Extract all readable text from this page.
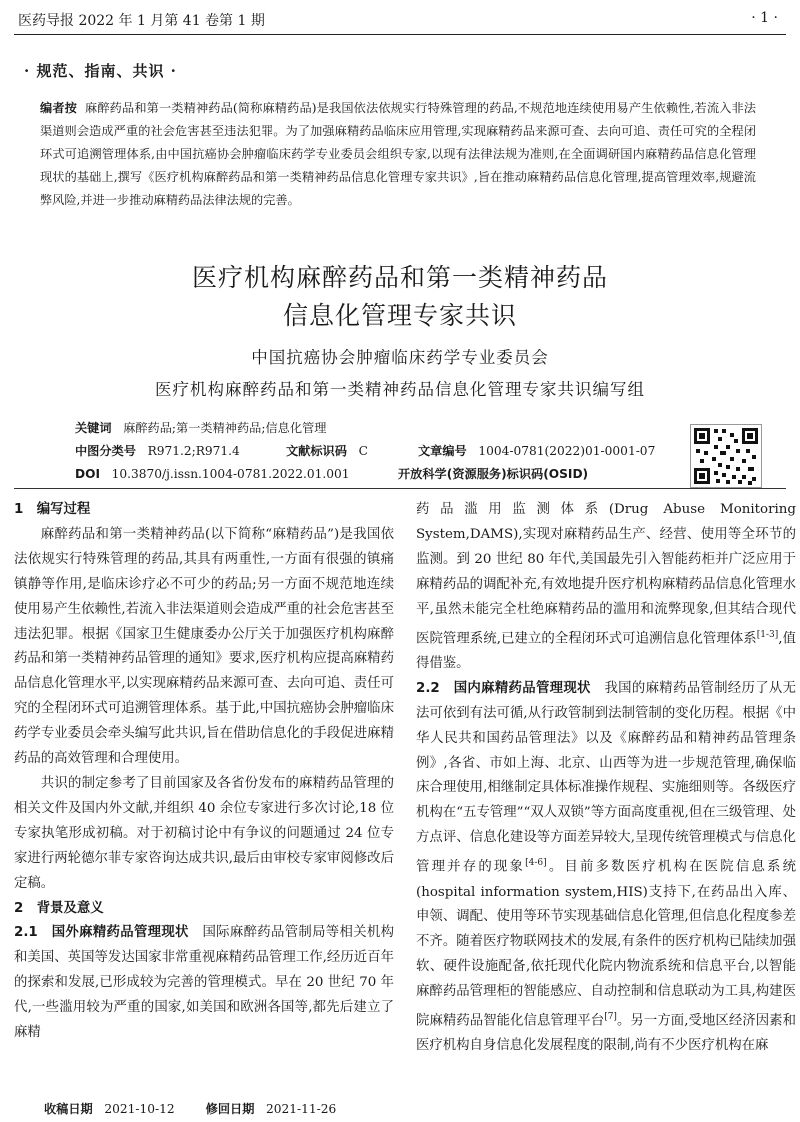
医药导报 2022 年 1 月第 41 卷第 1 期	· 1 ·
· 规范、指南、共识 ·
编者按 麻醉药品和第一类精神药品(简称麻精药品)是我国依法依规实行特殊管理的药品,不规范地连续使用易产生依赖性,若流入非法渠道则会造成严重的社会危害甚至违法犯罪。为了加强麻精药品临床应用管理,实现麻精药品来源可查、去向可追、责任可究的全程闭环式可追溯管理体系,由中国抗癌协会肿瘤临床药学专业委员会组织专家,以现有法律法规为准则,在全面调研国内麻精药品信息化管理现状的基础上,撰写《医疗机构麻醉药品和第一类精神药品信息化管理专家共识》,旨在推动麻精药品信息化管理,提高管理效率,规避流弊风险,并进一步推动麻精药品法律法规的完善。
医疗机构麻醉药品和第一类精神药品
信息化管理专家共识
中国抗癌协会肿瘤临床药学专业委员会
医疗机构麻醉药品和第一类精神药品信息化管理专家共识编写组
关键词 麻醉药品;第一类精神药品;信息化管理
中图分类号 R971.2;R971.4	文献标识码 C	文章编号 1004-0781(2022)01-0001-07
DOI 10.3870/j.issn.1004-0781.2022.01.001	开放科学(资源服务)标识码(OSID)
1　编写过程

麻醉药品和第一类精神药品(以下简称“麻精药品”)是我国依法依规实行特殊管理的药品,其具有两重性,一方面有很强的镇痛镇静等作用,是临床诊疗必不可少的药品;另一方面不规范地连续使用易产生依赖性,若流入非法渠道则会造成严重的社会危害甚至违法犯罪。根据《国家卫生健康委办公厅关于加强医疗机构麻醉药品和第一类精神药品管理的通知》要求,医疗机构应提高麻精药品信息化管理水平,以实现麻精药品来源可查、去向可追、责任可究的全程闭环式可追溯管理体系。基于此,中国抗癌协会肿瘤临床药学专业委员会牵头编写此共识,旨在借助信息化的手段促进麻精药品的高效管理和合理使用。

共识的制定参考了目前国家及各省份发布的麻精药品管理的相关文件及国内外文献,并组织 40 余位专家进行多次讨论,18 位专家执笔形成初稿。对于初稿讨论中有争议的问题通过 24 位专家进行两轮德尔菲专家咨询达成共识,最后由审校专家审阅修改后定稿。

2　背景及意义

2.1　国外麻精药品管理现状 国际麻醉药品管制局等相关机构和美国、英国等发达国家非常重视麻精药品管理工作,经历近百年的探索和发展,已形成较为完善的管理模式。早在 20 世纪 70 年代,一些滥用较为严重的国家,如美国和欧洲各国等,都先后建立了麻精

药品滥用监测体系(Drug Abuse Monitoring System,DAMS),实现对麻精药品生产、经营、使用等全环节的监测。到 20 世纪 80 年代,美国最先引入智能药柜并广泛应用于麻精药品的调配补充,有效地提升医疗机构麻精药品信息化管理水平,虽然未能完全杜绝麻精药品的滥用和流弊现象,但其结合现代医院管理系统,已建立的全程闭环式可追溯信息化管理体系[1-3],值得借鉴。

2.2　国内麻精药品管理现状 我国的麻精药品管制经历了从无法可依到有法可循,从行政管制到法制管制的变化历程。根据《中华人民共和国药品管理法》以及《麻醉药品和精神药品管理条例》,各省、市如上海、北京、山西等为进一步规范管理,确保临床合理使用,相继制定具体标准操作规程、实施细则等。各级医疗机构在“五专管理”“双人双锁”等方面高度重视,但在三级管理、处方点评、信息化建设等方面差异较大,呈现传统管理模式与信息化管理并存的现象[4-6]。目前多数医疗机构在医院信息系统(hospital information system,HIS)支持下,在药品出入库、申领、调配、使用等环节实现基础信息化管理,但信息化程度参差不齐。随着医疗物联网技术的发展,有条件的医疗机构已陆续加强软、硬件设施配备,依托现代化院内物流系统和信息平台,以智能麻醉药品管理柜的智能感应、自动控制和信息联动为工具,构建医院麻精药品智能化信息管理平台[7]。另一方面,受地区经济因素和医疗机构自身信息化发展程度的限制,尚有不少医疗机构在麻

收稿日期 2021-10-12	修回日期 2021-11-26
